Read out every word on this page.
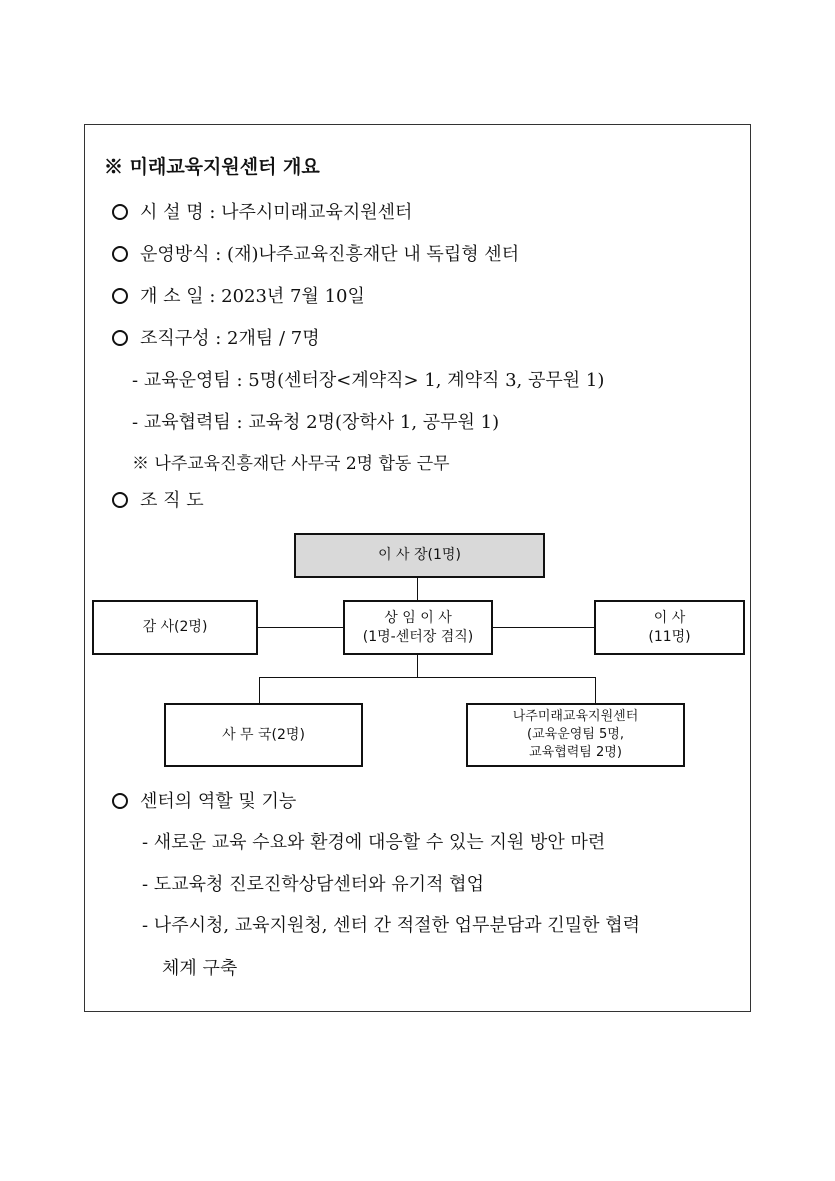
※ 미래교육지원센터 개요
시 설 명 : 나주시미래교육지원센터
운영방식 : (재)나주교육진흥재단 내 독립형 센터
개 소 일 : 2023년 7월 10일
조직구성 : 2개팀 / 7명
- 교육운영팀 : 5명(센터장<계약직> 1, 계약직 3, 공무원 1)
- 교육협력팀 : 교육청 2명(장학사 1, 공무원 1)
※ 나주교육진흥재단 사무국 2명 합동 근무
조 직 도
이 사 장(1명)
감 사(2명)
상 임 이 사
(1명-센터장 겸직)
이 사
(11명)
사 무 국(2명)
나주미래교육지원센터
(교육운영팀 5명,
교육협력팀 2명)
센터의 역할 및 기능
- 새로운 교육 수요와 환경에 대응할 수 있는 지원 방안 마련
- 도교육청 진로진학상담센터와 유기적 협업
- 나주시청, 교육지원청, 센터 간 적절한 업무분담과 긴밀한 협력
체계 구축
